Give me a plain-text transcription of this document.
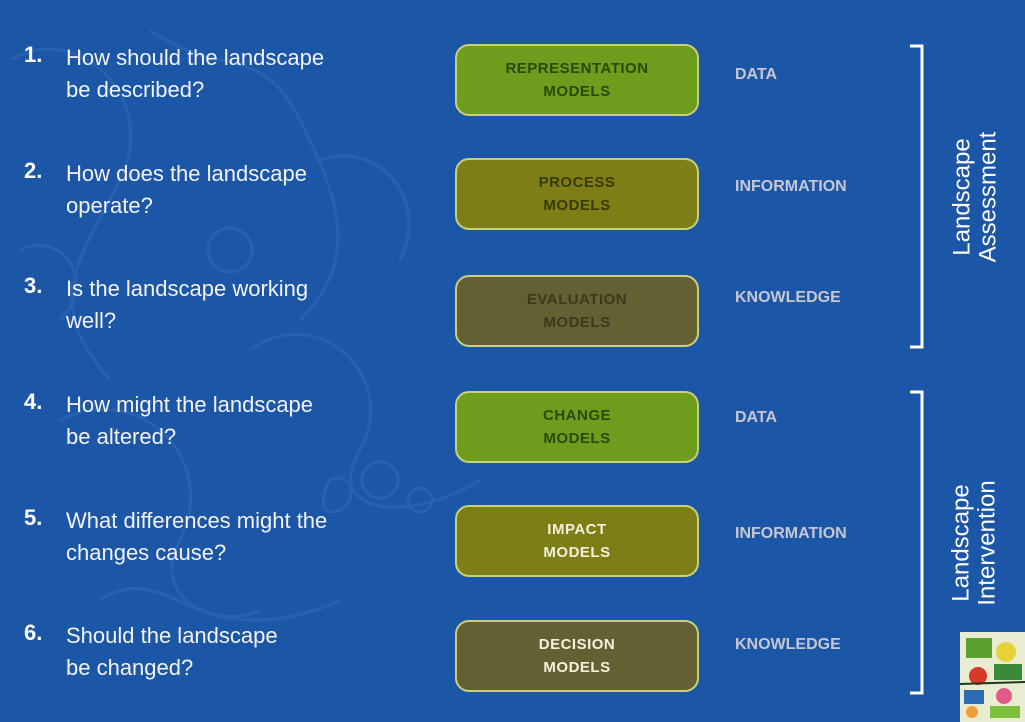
1. How should the landscape
be described?
REPRESENTATION
MODELS
DATA
2. How does the landscape
operate?
PROCESS
MODELS
INFORMATION
3. Is the landscape working
well?
EVALUATION
MODELS
KNOWLEDGE
4. How might the landscape
be altered?
CHANGE
MODELS
DATA
5. What differences might the
changes cause?
IMPACT
MODELS
INFORMATION
6. Should the landscape
be changed?
DECISION
MODELS
KNOWLEDGE
Landscape
Assessment
Landscape
Intervention
